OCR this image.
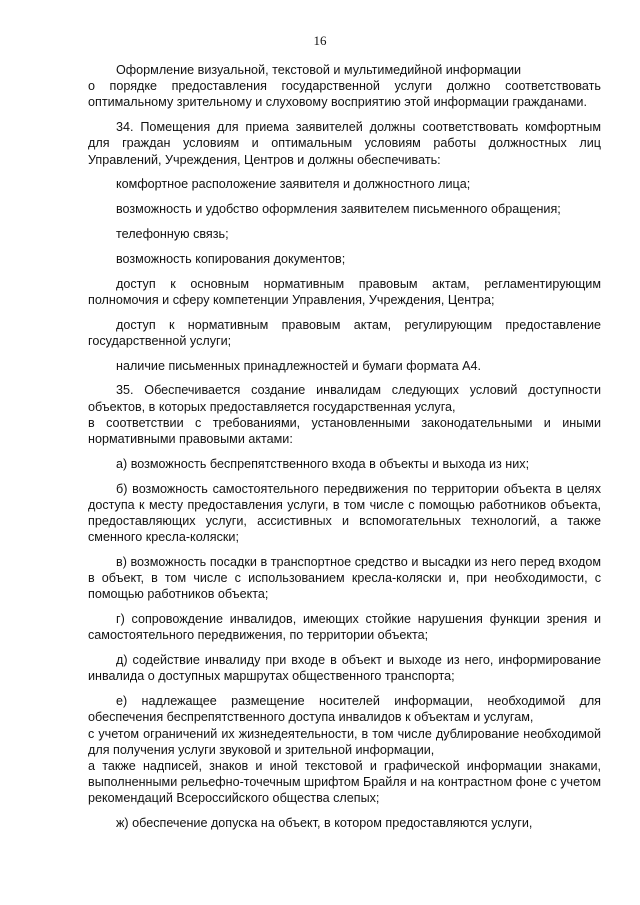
16

Оформление визуальной, текстовой и мультимедийной информации
о порядке предоставления государственной услуги должно соответствовать оптимальному зрительному и слуховому восприятию этой информации гражданами.

34. Помещения для приема заявителей должны соответствовать комфортным для граждан условиям и оптимальным условиям работы должностных лиц Управлений, Учреждения, Центров и должны обеспечивать:

комфортное расположение заявителя и должностного лица;

возможность и удобство оформления заявителем письменного обращения;

телефонную связь;

возможность копирования документов;

доступ к основным нормативным правовым актам, регламентирующим полномочия и сферу компетенции Управления, Учреждения, Центра;

доступ к нормативным правовым актам, регулирующим предоставление государственной услуги;

наличие письменных принадлежностей и бумаги формата А4.

35. Обеспечивается создание инвалидам следующих условий доступности объектов, в которых предоставляется государственная услуга,
в соответствии с требованиями, установленными законодательными и иными нормативными правовыми актами:

а) возможность беспрепятственного входа в объекты и выхода из них;

б) возможность самостоятельного передвижения по территории объекта в целях доступа к месту предоставления услуги, в том числе с помощью работников объекта, предоставляющих услуги, ассистивных и вспомогательных технологий, а также сменного кресла-коляски;

в) возможность посадки в транспортное средство и высадки из него перед входом в объект, в том числе с использованием кресла-коляски и, при необходимости, с помощью работников объекта;

г) сопровождение инвалидов, имеющих стойкие нарушения функции зрения и самостоятельного передвижения, по территории объекта;

д) содействие инвалиду при входе в объект и выходе из него, информирование инвалида о доступных маршрутах общественного транспорта;

е) надлежащее размещение носителей информации, необходимой для обеспечения беспрепятственного доступа инвалидов к объектам и услугам,
с учетом ограничений их жизнедеятельности, в том числе дублирование необходимой для получения услуги звуковой и зрительной информации,
а также надписей, знаков и иной текстовой и графической информации знаками, выполненными рельефно-точечным шрифтом Брайля и на контрастном фоне с учетом рекомендаций Всероссийского общества слепых;

ж) обеспечение допуска на объект, в котором предоставляются услуги,
